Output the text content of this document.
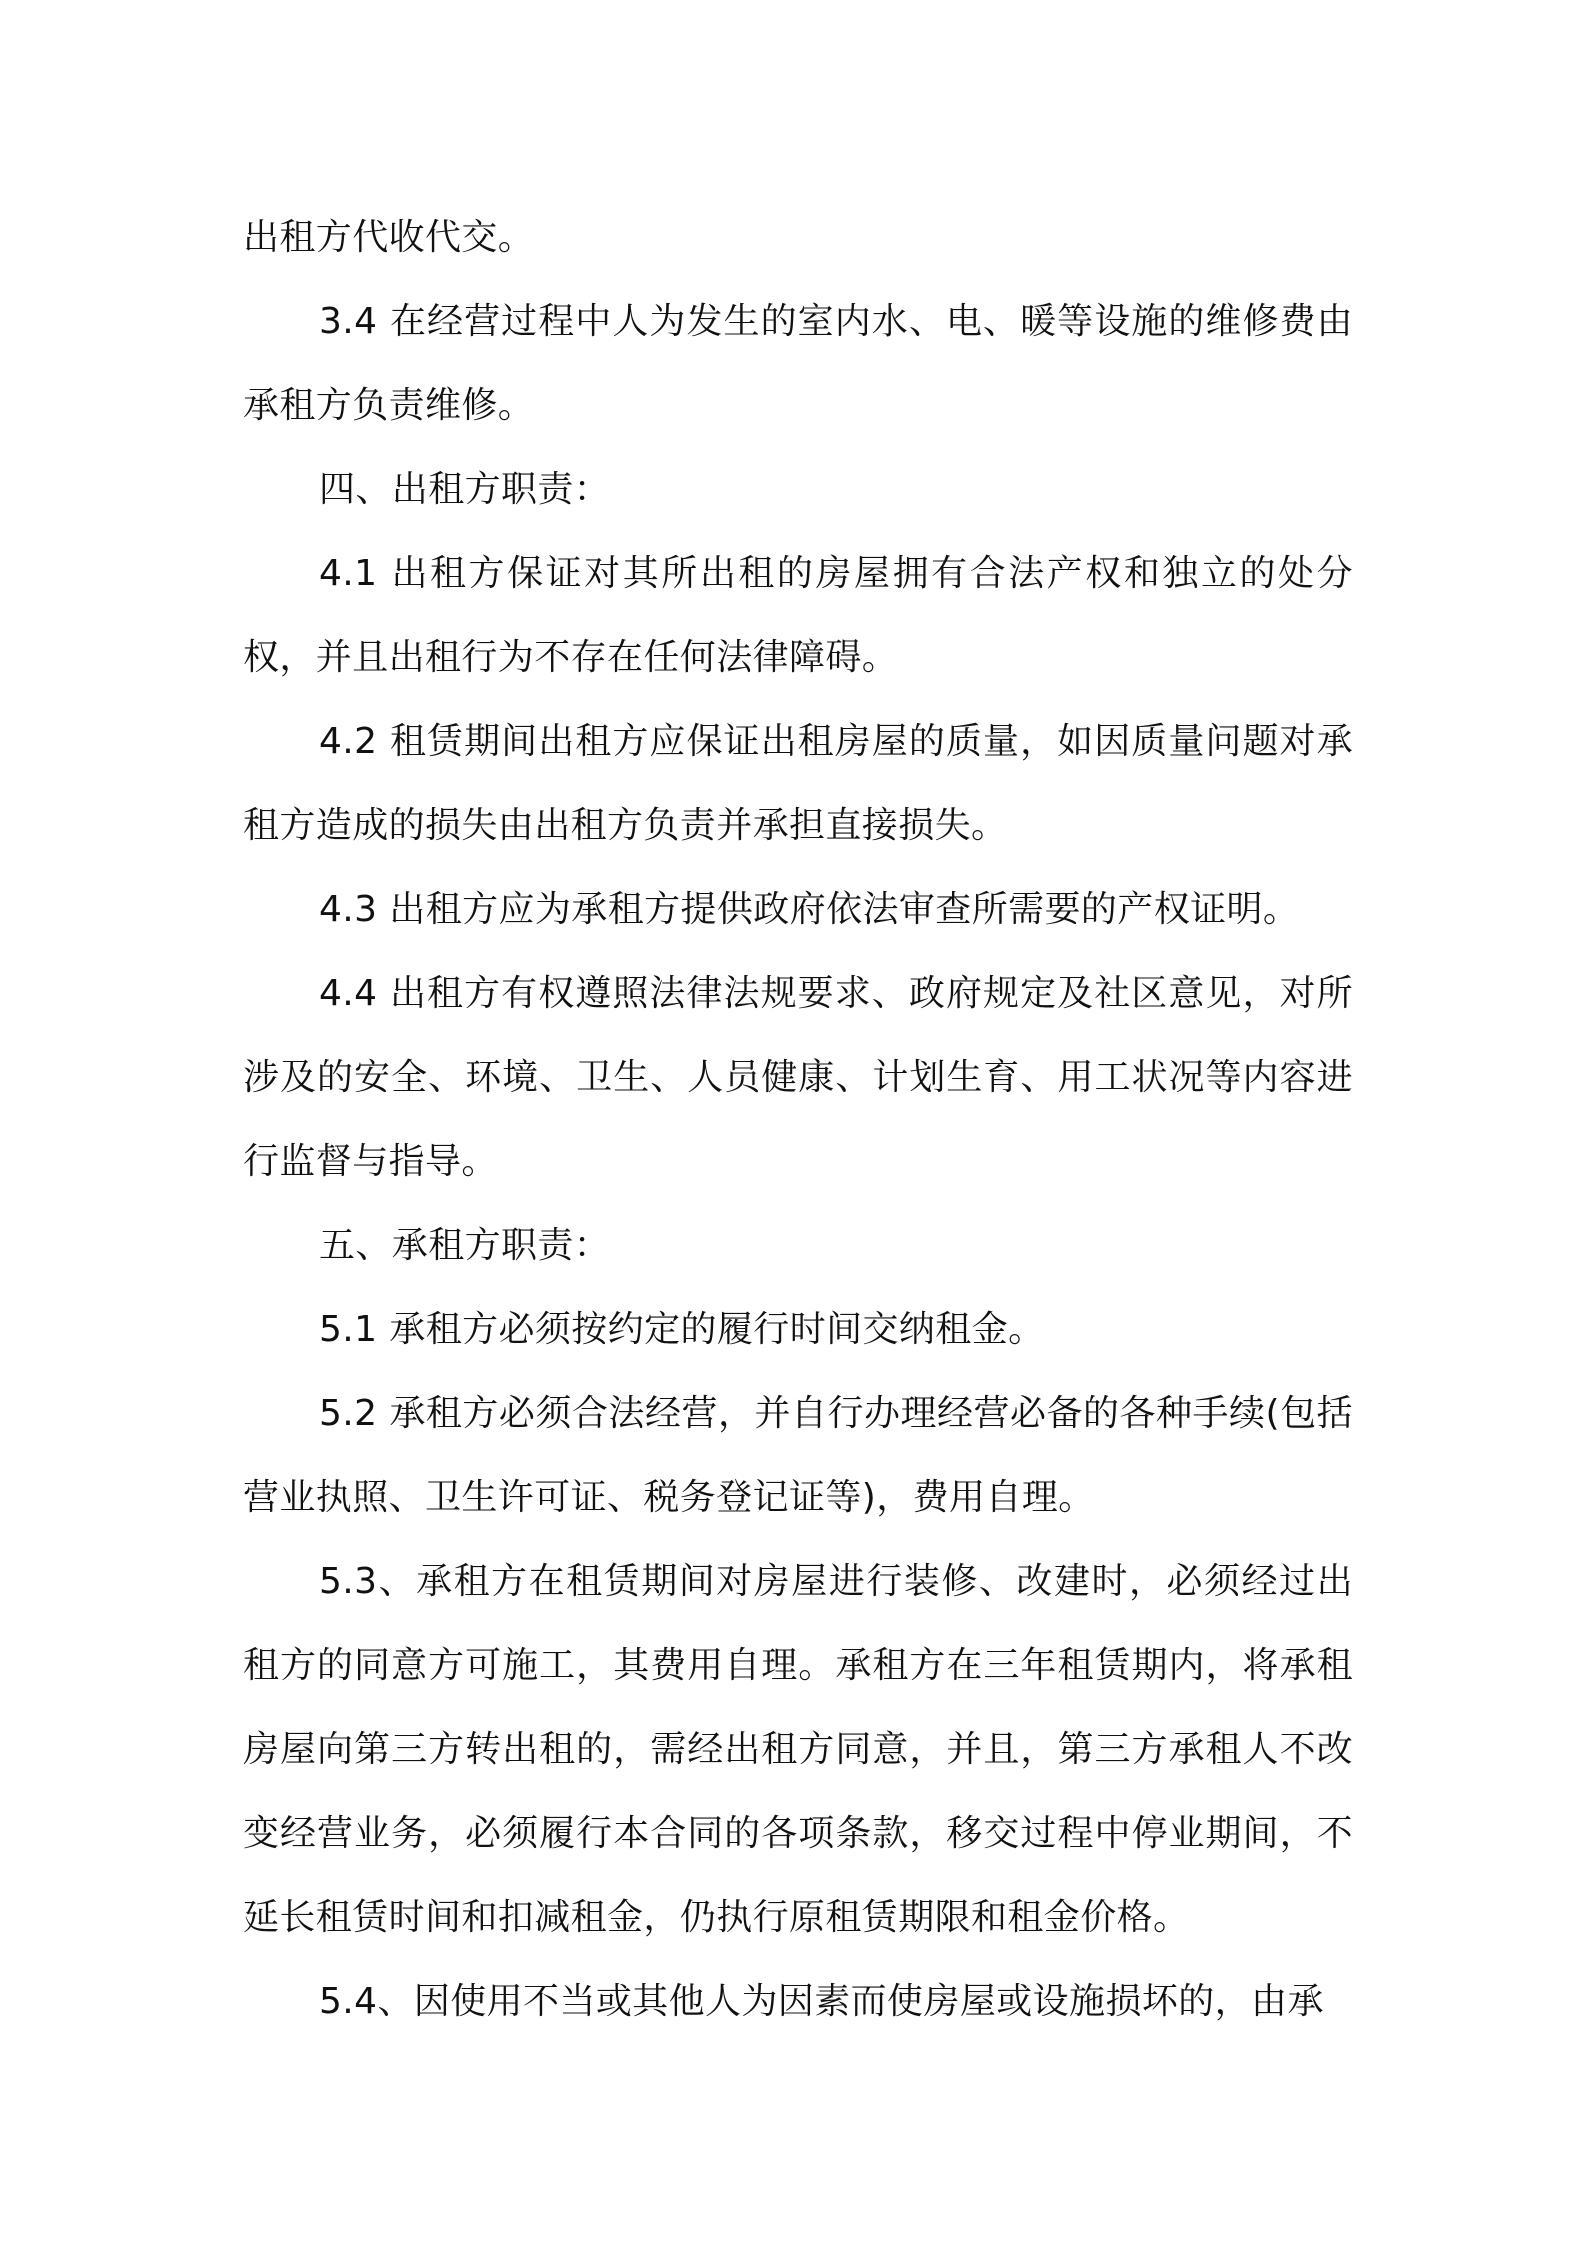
出租方代收代交。

3.4 在经营过程中人为发生的室内水、电、暖等设施的维修费由承租方负责维修。

四、出租方职责：

4.1 出租方保证对其所出租的房屋拥有合法产权和独立的处分权，并且出租行为不存在任何法律障碍。

4.2 租赁期间出租方应保证出租房屋的质量，如因质量问题对承租方造成的损失由出租方负责并承担直接损失。

4.3 出租方应为承租方提供政府依法审查所需要的产权证明。

4.4 出租方有权遵照法律法规要求、政府规定及社区意见，对所涉及的安全、环境、卫生、人员健康、计划生育、用工状况等内容进行监督与指导。

五、承租方职责：

5.1 承租方必须按约定的履行时间交纳租金。

5.2 承租方必须合法经营，并自行办理经营必备的各种手续(包括营业执照、卫生许可证、税务登记证等)，费用自理。

5.3、承租方在租赁期间对房屋进行装修、改建时，必须经过出租方的同意方可施工，其费用自理。承租方在三年租赁期内，将承租房屋向第三方转出租的，需经出租方同意，并且，第三方承租人不改变经营业务，必须履行本合同的各项条款，移交过程中停业期间，不延长租赁时间和扣减租金，仍执行原租赁期限和租金价格。

5.4、因使用不当或其他人为因素而使房屋或设施损坏的，由承
